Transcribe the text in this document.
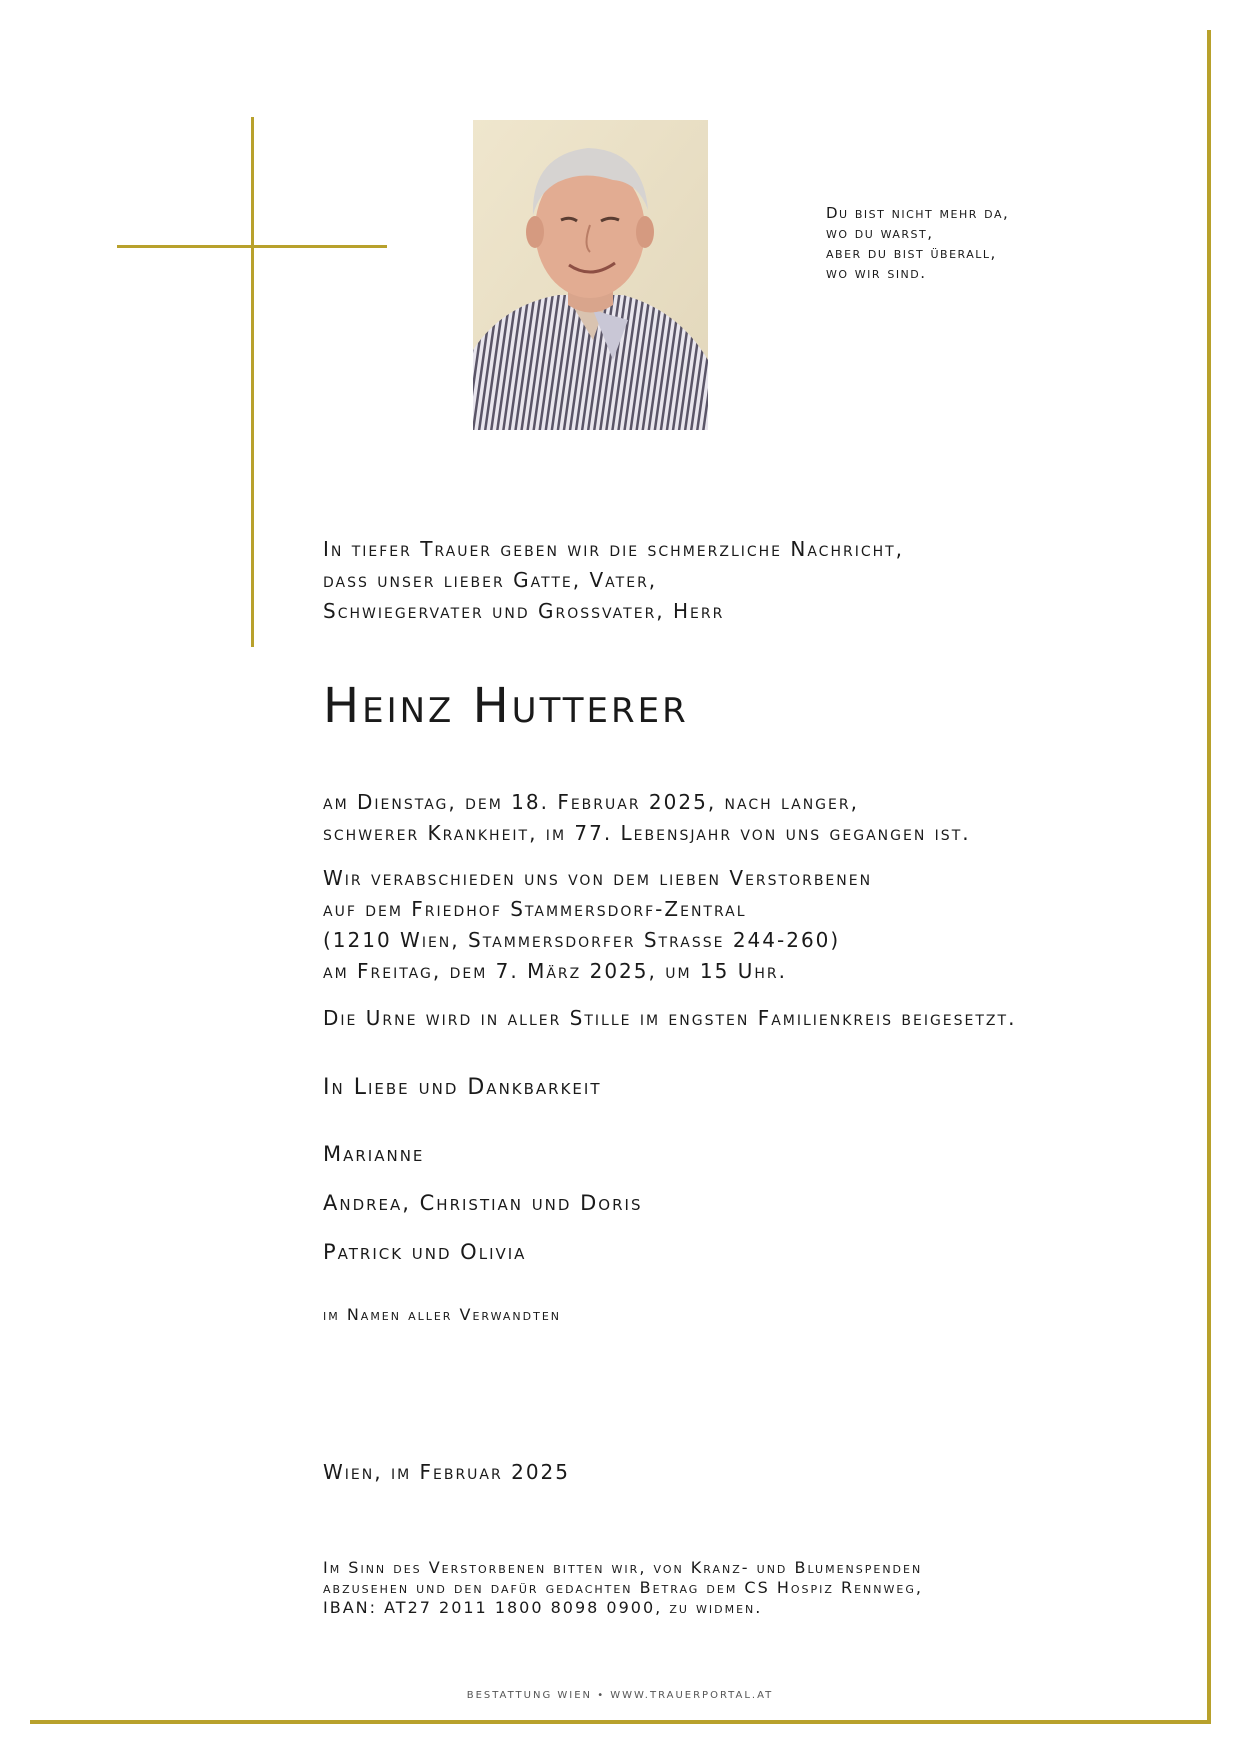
Du bist nicht mehr da,
wo du warst,
aber du bist überall,
wo wir sind.
In tiefer Trauer geben wir die schmerzliche Nachricht,
dass unser lieber Gatte, Vater,
Schwiegervater und Grossvater, Herr
Heinz Hutterer
am Dienstag, dem 18. Februar 2025, nach langer,
schwerer Krankheit, im 77. Lebensjahr von uns gegangen ist.
Wir verabschieden uns von dem lieben Verstorbenen
auf dem Friedhof Stammersdorf-Zentral
(1210 Wien, Stammersdorfer Strasse 244-260)
am Freitag, dem 7. März 2025, um 15 Uhr.
Die Urne wird in aller Stille im engsten Familienkreis beigesetzt.
In Liebe und Dankbarkeit
Marianne
Andrea, Christian und Doris
Patrick und Olivia
im Namen aller Verwandten
Wien, im Februar 2025
Im Sinn des Verstorbenen bitten wir, von Kranz- und Blumenspenden
abzusehen und den dafür gedachten Betrag dem CS Hospiz Rennweg,
IBAN: AT27 2011 1800 8098 0900, zu widmen.
BESTATTUNG WIEN • WWW.TRAUERPORTAL.AT
